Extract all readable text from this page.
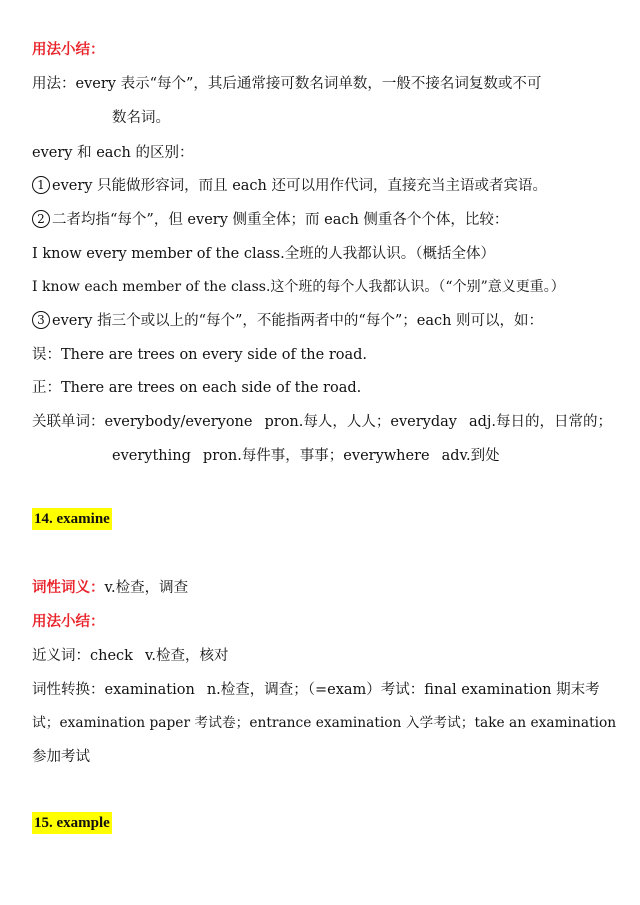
用法小结：
用法：every 表示“每个”，其后通常接可数名词单数，一般不接名词复数或不可
数名词。
every 和 each 的区别：
1 every 只能做形容词，而且 each 还可以用作代词，直接充当主语或者宾语。
2 二者均指“每个”，但 every 侧重全体；而 each 侧重各个个体，比较：
I know every member of the class.全班的人我都认识。（概括全体）
I know each member of the class.这个班的每个人我都认识。（“个别”意义更重。）
3 every 指三个或以上的“每个”，不能指两者中的“每个”；each 则可以，如：
误：There are trees on every side of the road.
正：There are trees on each side of the road.
关联单词：everybody/everyone pron.每人，人人；everyday adj.每日的，日常的；
everything pron.每件事，事事；everywhere adv.到处
14. examine
词性词义：v.检查，调查
用法小结：
近义词：check v.检查，核对
词性转换：examination n.检查，调查；（=exam）考试：final examination 期末考
试；examination paper 考试卷；entrance examination 入学考试；take an examination
参加考试
15. example
